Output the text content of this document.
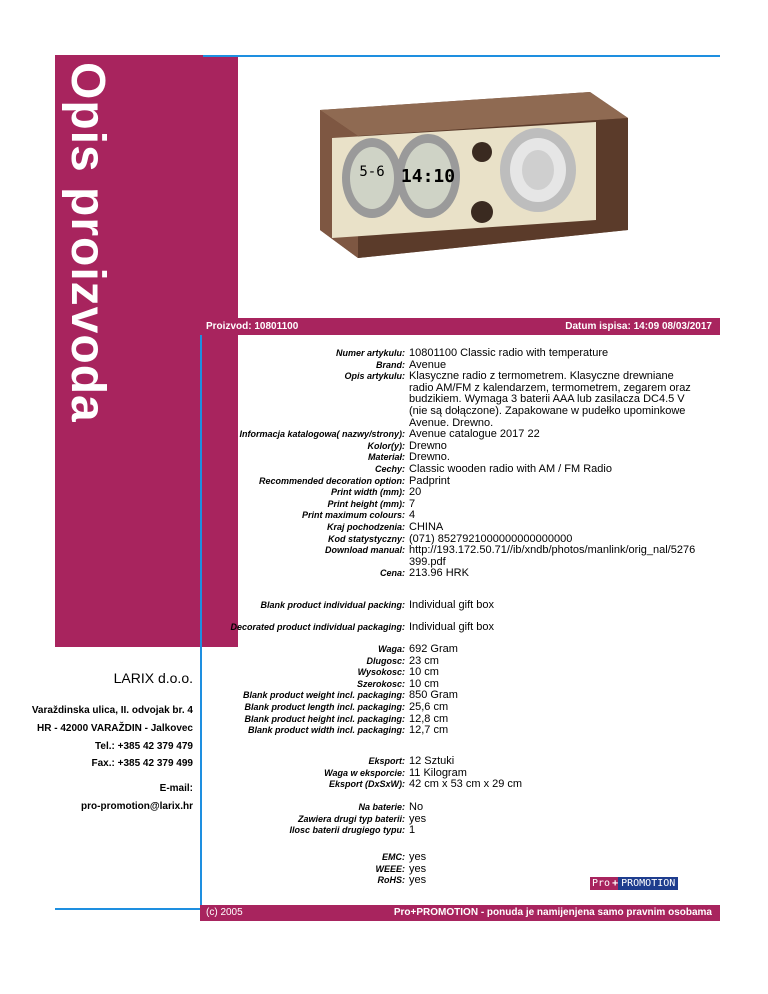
Opis proizvoda	5-6 14:10
Proizvod: 10801100	Datum ispisa: 14:09 08/03/2017
Numer artykulu: 10801100 Classic radio with temperature
Brand: Avenue
Opis artykulu: Klasyczne radio z termometrem. Klasyczne drewniane radio AM/FM z kalendarzem, termometrem, zegarem oraz budzikiem. Wymaga 3 baterii AAA lub zasilacza DC4.5 V (nie są dołączone). Zapakowane w pudełko upominkowe Avenue. Drewno.
Informacja katalogowa( nazwy/strony): Avenue catalogue 2017 22
Kolor(y): Drewno
Materiał: Drewno.
Cechy: Classic wooden radio with AM / FM Radio
Recommended decoration option: Padprint
Print width (mm): 20
Print height (mm): 7
Print maximum colours: 4
Kraj pochodzenia: CHINA
Kod statystyczny: (071) 8527921000000000000000
Download manual: http://193.172.50.71//ib/xndb/photos/manlink/orig_nal/5276399.pdf
Cena: 213.96 HRK
Blank product individual packing: Individual gift box
Decorated product individual packaging: Individual gift box
Waga: 692 Gram
Dlugosc: 23 cm
Wysokosc: 10 cm
Szerokosc: 10 cm
Blank product weight incl. packaging: 850 Gram
Blank product length incl. packaging: 25,6 cm
Blank product height incl. packaging: 12,8 cm
Blank product width incl. packaging: 12,7 cm
Eksport: 12 Sztuki
Waga w eksporcie: 11 Kilogram
Eksport (DxSxW): 42 cm x 53 cm x 29 cm
Na baterie: No
Zawiera drugi typ baterii: yes
Ilosc baterii drugiego typu: 1
EMC: yes
WEEE: yes
RoHS: yes
LARIX d.o.o.
Varaždinska ulica, II. odvojak br. 4
HR - 42000 VARAŽDIN - Jalkovec
Tel.: +385 42 379 479
Fax.: +385 42 379 499
E-mail:
pro-promotion@larix.hr
Pro + PROMOTION
(c) 2005	Pro+PROMOTION - ponuda je namijenjena samo pravnim osobama
